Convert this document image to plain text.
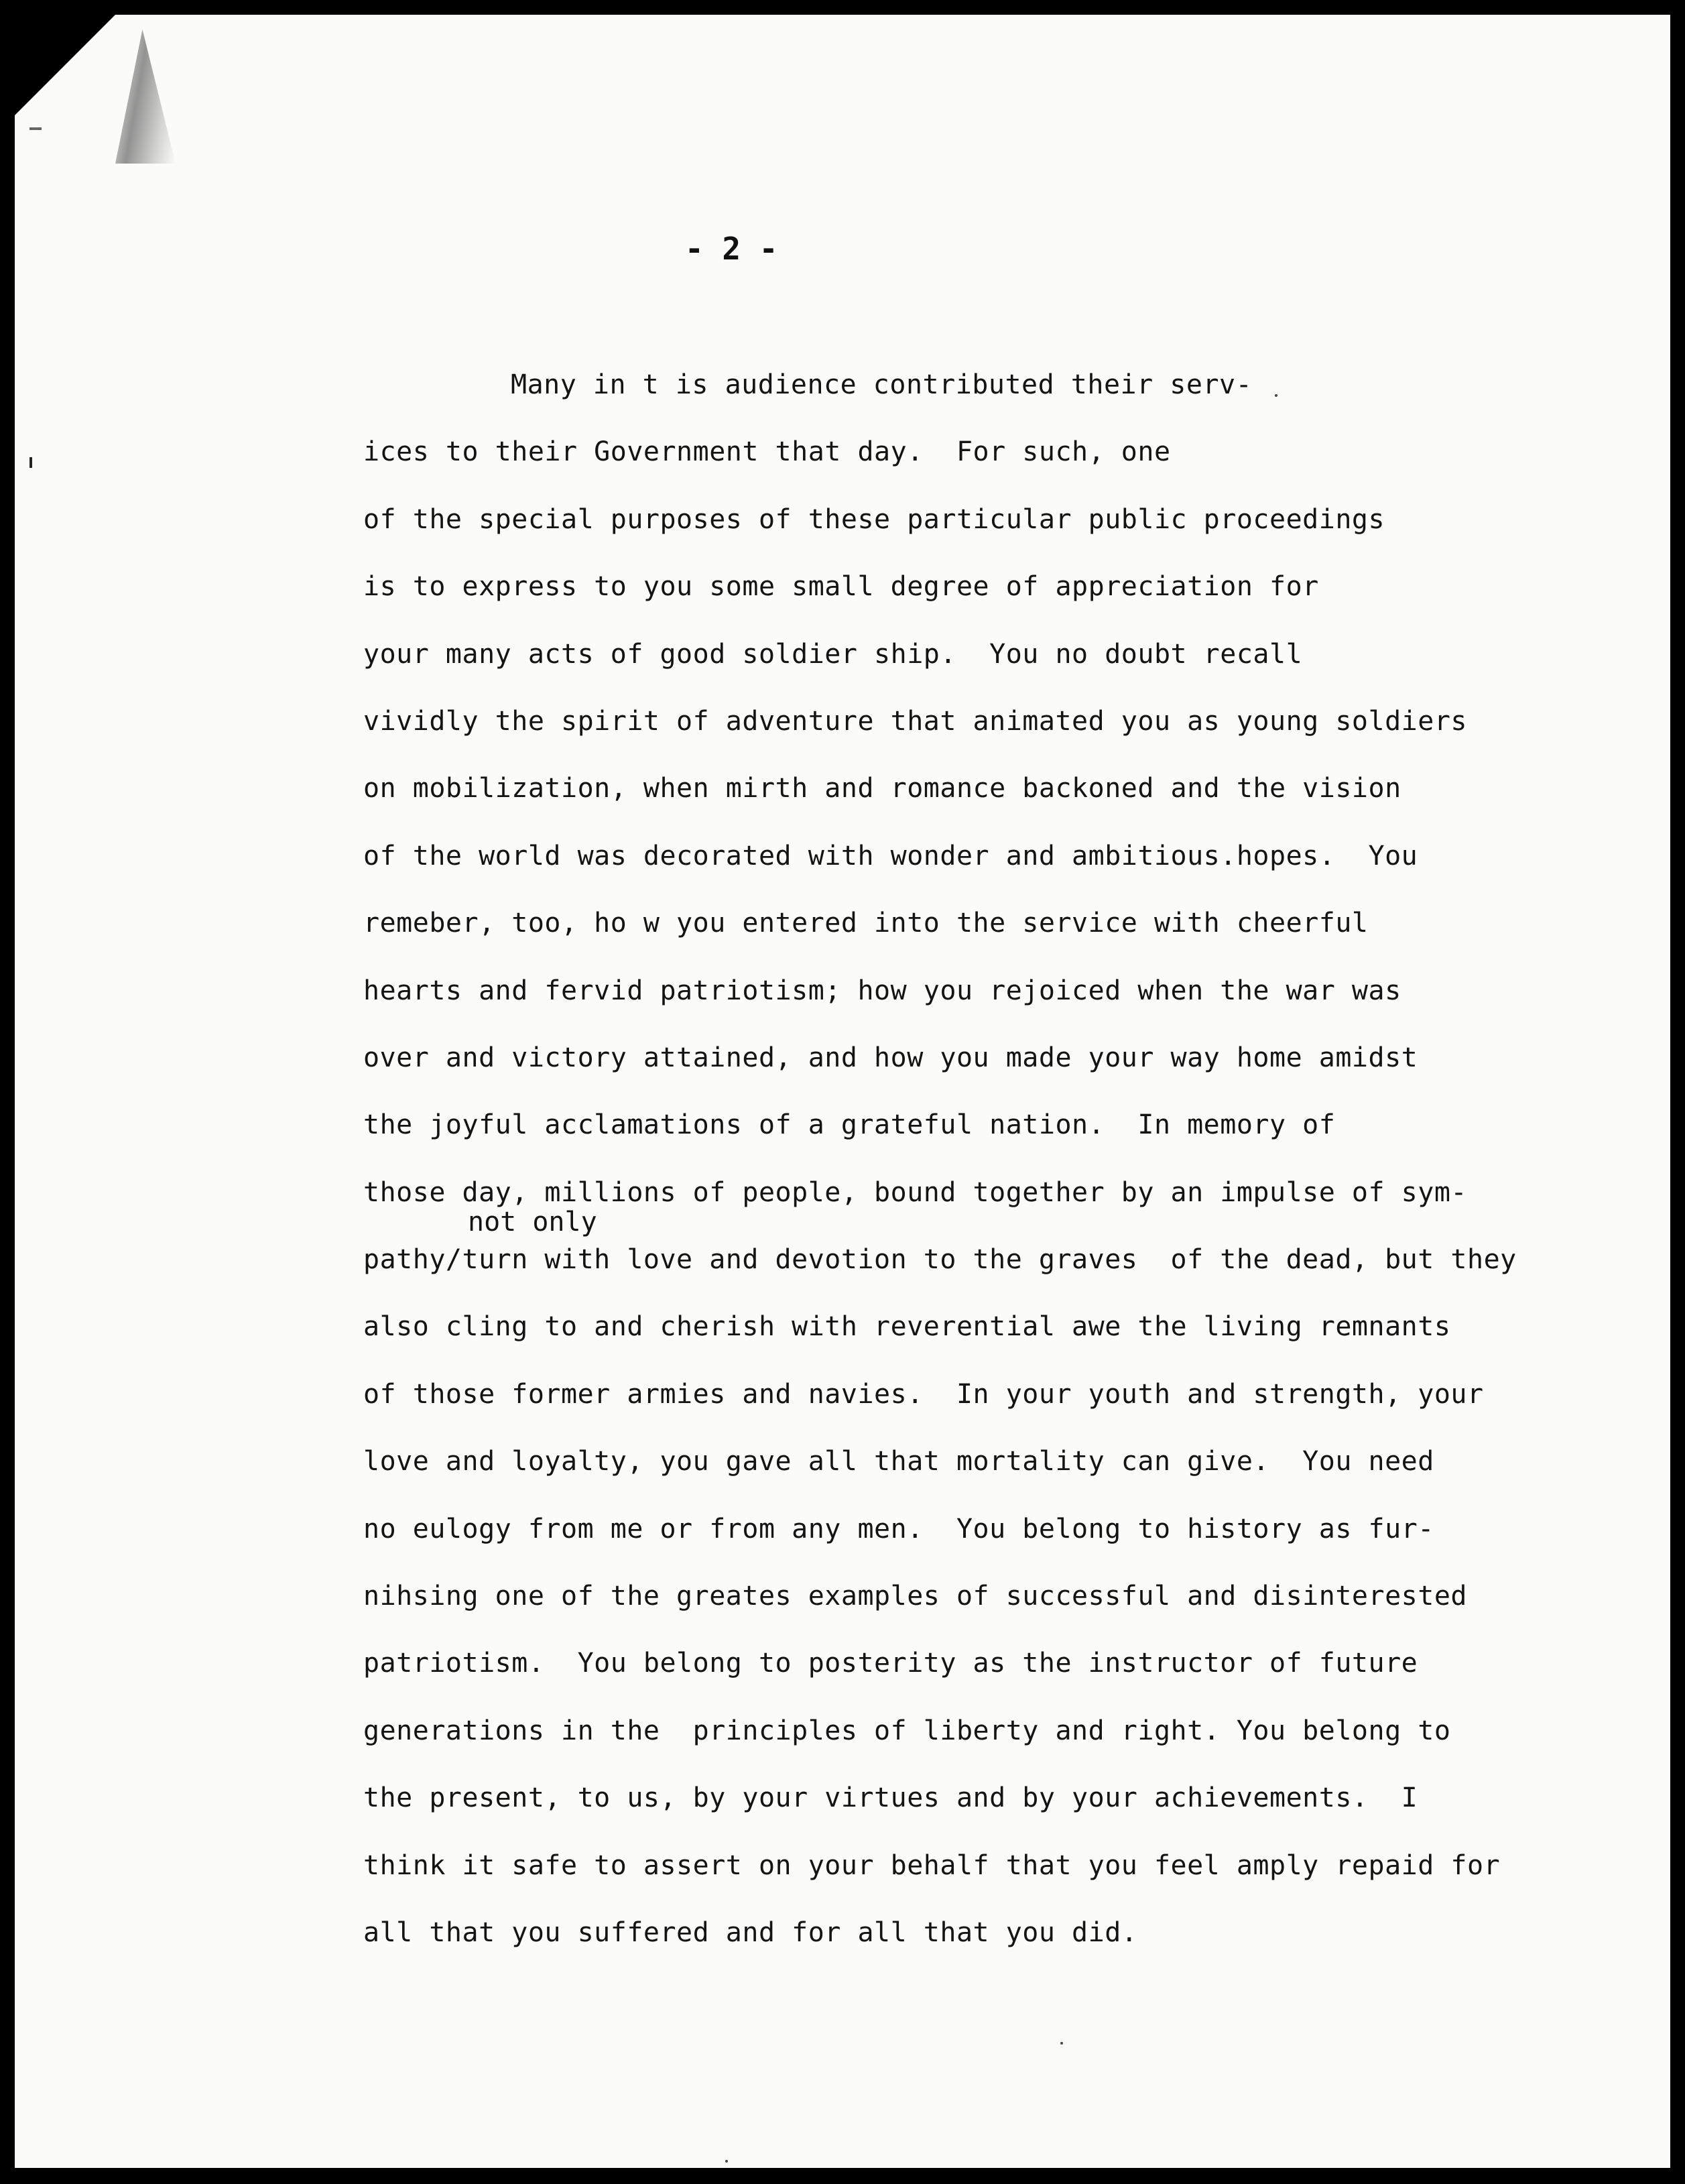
- 2 -
not only
Many in t is audience contributed their serv-
ices to their Government that day.  For such, one
of the special purposes of these particular public proceedings
is to express to you some small degree of appreciation for
your many acts of good soldier ship.  You no doubt recall
vividly the spirit of adventure that animated you as young soldiers
on mobilization, when mirth and romance backoned and the vision
of the world was decorated with wonder and ambitious.hopes.  You
remeber, too, ho w you entered into the service with cheerful
hearts and fervid patriotism; how you rejoiced when the war was
over and victory attained, and how you made your way home amidst
the joyful acclamations of a grateful nation.  In memory of
those day, millions of people, bound together by an impulse of sym-
pathy/turn with love and devotion to the graves  of the dead, but they
also cling to and cherish with reverential awe the living remnants
of those former armies and navies.  In your youth and strength, your
love and loyalty, you gave all that mortality can give.  You need
no eulogy from me or from any men.  You belong to history as fur-
nihsing one of the greates examples of successful and disinterested
patriotism.  You belong to posterity as the instructor of future
generations in the  principles of liberty and right. You belong to
the present, to us, by your virtues and by your achievements.  I
think it safe to assert on your behalf that you feel amply repaid for
all that you suffered and for all that you did.
